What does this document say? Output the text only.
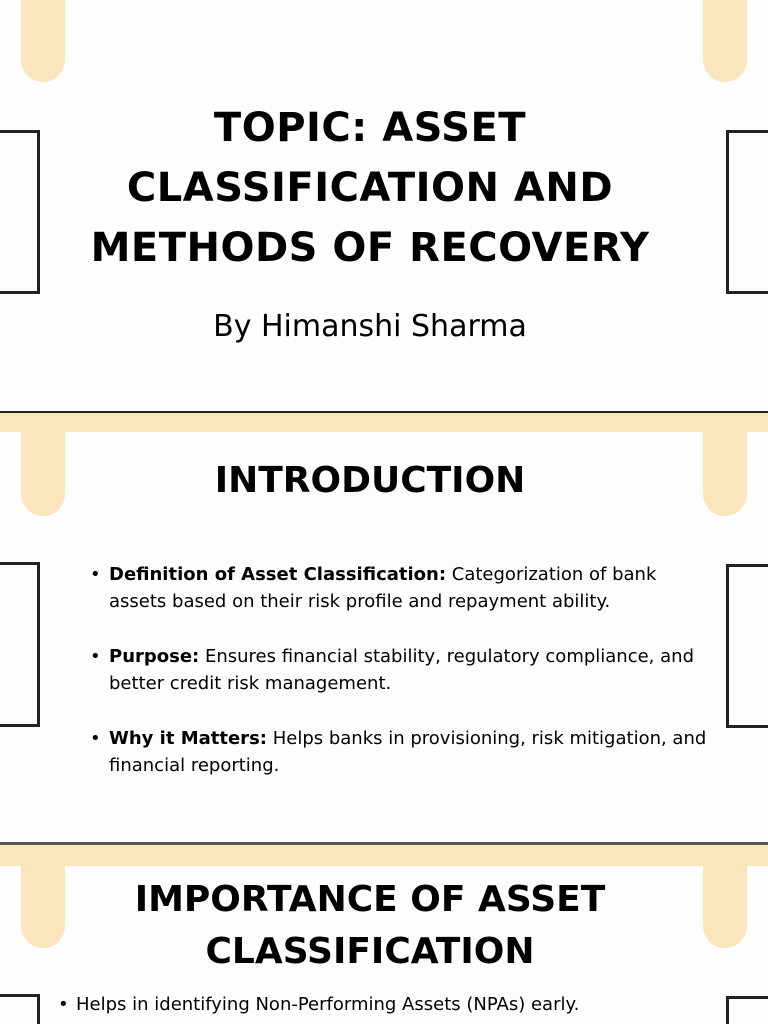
TOPIC: ASSET CLASSIFICATION AND METHODS OF RECOVERY
By Himanshi Sharma
INTRODUCTION
• Definition of Asset Classification: Categorization of bank assets based on their risk profile and repayment ability.
• Purpose: Ensures financial stability, regulatory compliance, and better credit risk management.
• Why it Matters: Helps banks in provisioning, risk mitigation, and financial reporting.
IMPORTANCE OF ASSET CLASSIFICATION
• Helps in identifying Non-Performing Assets (NPAs) early.
